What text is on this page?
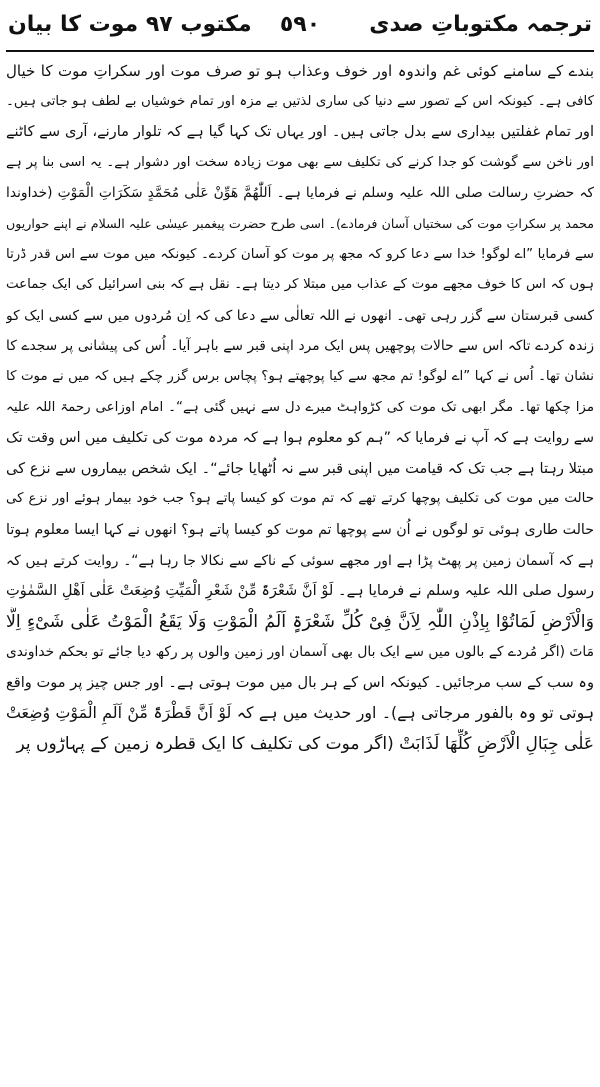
ترجمہ مکتوباتِ صدی
٥٩٠
مکتوب ۹۷ موت کا بیان
بندے کے سامنے کوئی غم واندوہ اور خوف وعذاب ہو تو صرف موت اور سکراتِ موت کا خیال
کافی ہے۔ کیونکہ اس کے تصور سے دنیا کی ساری لذتیں بے مزہ اور تمام خوشیاں بے لطف ہو جاتی ہیں۔
اور تمام غفلتیں بیداری سے بدل جاتی ہیں۔ اور یہاں تک کہا گیا ہے کہ تلوار مارنے، آری سے کاٹنے
اور ناخن سے گوشت کو جدا کرنے کی تکلیف سے بھی موت زیادہ سخت اور دشوار ہے۔ یہ اسی بنا پر ہے
کہ حضرتِ رسالت صلی اللہ علیہ وسلم نے فرمایا ہے۔ اَللّٰھُمَّ ھَوِّنْ عَلٰی مُحَمَّدٍ سَکَرَاتِ الْمَوْتِ (خداوندا
محمد پر سکراتِ موت کی سختیاں آسان فرمادے)۔ اسی طرح حضرت پیغمبر عیسٰی علیہ السلام نے اپنے حواریوں
سے فرمایا ”اے لوگو! خدا سے دعا کرو کہ مجھ پر موت کو آسان کردے۔ کیونکہ میں موت سے اس قدر ڈرتا
ہوں کہ اس کا خوف مجھے موت کے عذاب میں مبتلا کر دیتا ہے۔ نقل ہے کہ بنی اسرائیل کی ایک جماعت
کسی قبرستان سے گزر رہی تھی۔ انھوں نے اللہ تعالٰی سے دعا کی کہ اِن مُردوں میں سے کسی ایک کو
زندہ کردے تاکہ اس سے حالات پوچھیں پس ایک مرد اپنی قبر سے باہر آیا۔ اُس کی پیشانی پر سجدے کا
نشان تھا۔ اُس نے کہا ”اے لوگو! تم مجھ سے کیا پوچھتے ہو؟ پچاس برس گزر چکے ہیں کہ میں نے موت کا
مزا چکھا تھا۔ مگر ابھی تک موت کی کڑواہٹ میرے دل سے نہیں گئی ہے“۔ امام اوزاعی رحمۃ اللہ علیہ
سے روایت ہے کہ آپ نے فرمایا کہ ”ہم کو معلوم ہوا ہے کہ مردہ موت کی تکلیف میں اس وقت تک
مبتلا رہتا ہے جب تک کہ قیامت میں اپنی قبر سے نہ اُٹھایا جائے“۔ ایک شخص بیماروں سے نزع کی
حالت میں موت کی تکلیف پوچھا کرتے تھے کہ تم موت کو کیسا پاتے ہو؟ جب خود بیمار ہوئے اور نزع کی
حالت طاری ہوئی تو لوگوں نے اُن سے پوچھا تم موت کو کیسا پاتے ہو؟ انھوں نے کہا ایسا معلوم ہوتا
ہے کہ آسمان زمین پر پھٹ پڑا ہے اور مجھے سوئی کے ناکے سے نکالا جا رہا ہے“۔ روایت کرتے ہیں کہ
رسول صلی اللہ علیہ وسلم نے فرمایا ہے۔ لَوْ اَنَّ شَعْرَۃً مِّنْ شَعْرِ الْمَیِّتِ وُضِعَتْ عَلٰی اَھْلِ السَّمٰوٰتِ
وَالْاَرْضِ لَمَاتُوْا بِاِذْنِ اللّٰہِ لِاَنَّ فِیْ کُلِّ شَعْرَۃٍ اَلَمُ الْمَوْتِ وَلَا یَقَعُ الْمَوْتُ عَلٰی شَیْءٍ اِلَّا
مَاتَ (اگر مُردے کے بالوں میں سے ایک بال بھی آسمان اور زمین والوں پر رکھ دیا جائے تو بحکم خداوندی
وہ سب کے سب مرجائیں۔ کیونکہ اس کے ہر بال میں موت ہوتی ہے۔ اور جس چیز پر موت واقع
ہوتی تو وہ بالفور مرجاتی ہے)۔ اور حدیث میں ہے کہ لَوْ اَنَّ قَطْرَۃً مِّنْ اَلَمِ الْمَوْتِ وُضِعَتْ
عَلٰی جِبَالِ الْاَرْضِ کُلِّھَا لَذَابَتْ (اگر موت کی تکلیف کا ایک قطرہ زمین کے پہاڑوں پر
